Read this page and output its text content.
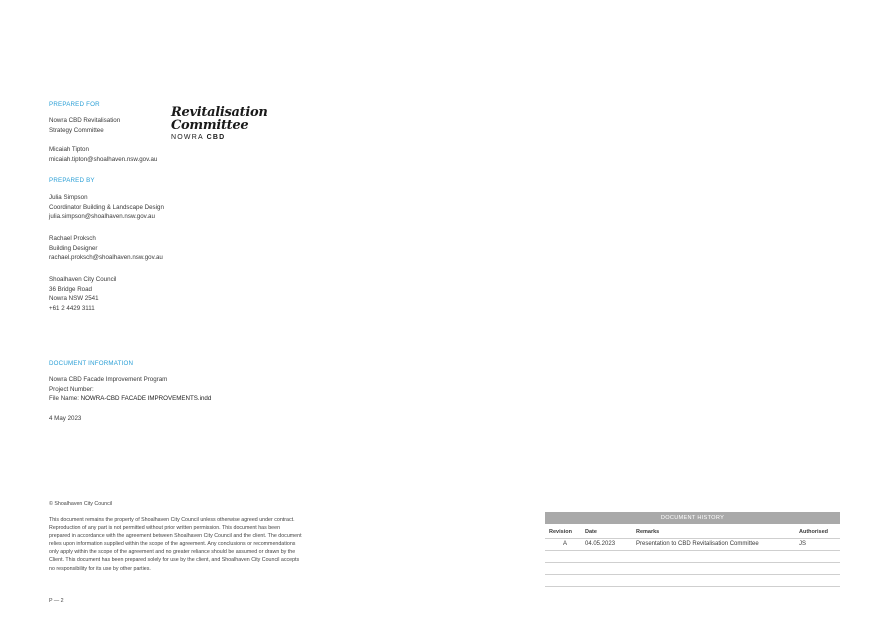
PREPARED FOR
Nowra CBD Revitalisation
Strategy Committee
Micaiah Tipton
micaiah.tipton@shoalhaven.nsw.gov.au
Revitalisation
Committee
NOWRA CBD
PREPARED BY
Julia Simpson
Coordinator Building & Landscape Design
julia.simpson@shoalhaven.nsw.gov.au
Rachael Proksch
Building Designer
rachael.proksch@shoalhaven.nsw.gov.au
Shoalhaven City Council
36 Bridge Road
Nowra NSW 2541
+61 2 4429 3111
DOCUMENT INFORMATION
Nowra CBD Facade Improvement Program
Project Number:
File Name: NOWRA-CBD FACADE IMPROVEMENTS.indd
4 May 2023
© Shoalhaven City Council
This document remains the property of Shoalhaven City Council unless otherwise agreed under contract.
Reproduction of any part is not permitted without prior written permission. This document has been
prepared in accordance with the agreement between Shoalhaven City Council and the client. The document
relies upon information supplied within the scope of the agreement. Any conclusions or recommendations
only apply within the scope of the agreement and no greater reliance should be assumed or drawn by the
Client. This document has been prepared solely for use by the client, and Shoalhaven City Council accepts
no responsibility for its use by other parties.
P — 2
DOCUMENT HISTORY
Revision Date	Remarks	Authorised
A	04.05.2023	Presentation to CBD Revitalisation Committee	JS
